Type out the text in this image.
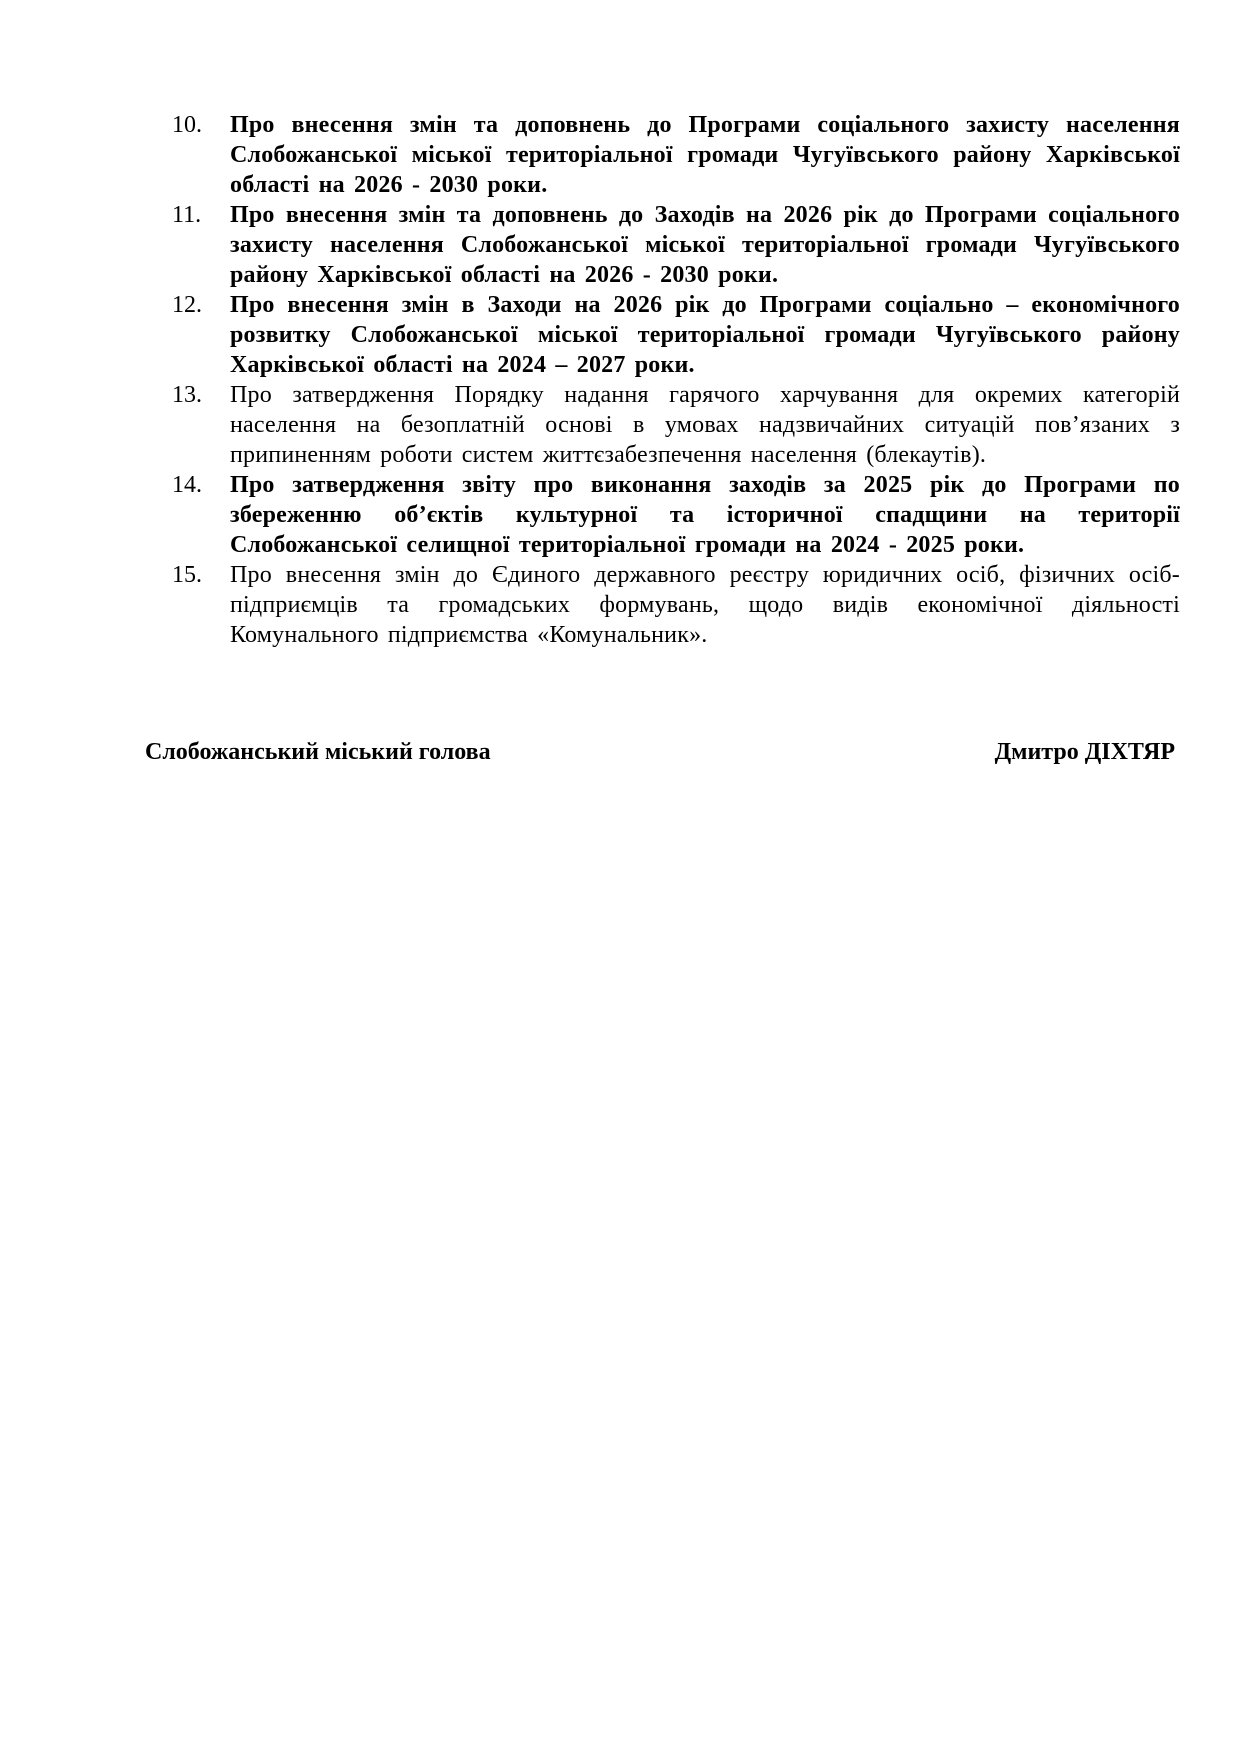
10. Про внесення змін та доповнень до Програми соціального захисту населення Слобожанської міської територіальної громади Чугуївського району Харківської області на 2026 - 2030 роки.
11. Про внесення змін та доповнень до Заходів на 2026 рік до Програми соціального захисту населення Слобожанської міської територіальної громади Чугуївського району Харківської області на 2026 - 2030 роки.
12. Про внесення змін в Заходи на 2026 рік до Програми соціально – економічного розвитку Слобожанської міської територіальної громади Чугуївського району Харківської області на 2024 – 2027 роки.
13. Про затвердження Порядку надання гарячого харчування для окремих категорій населення на безоплатній основі в умовах надзвичайних ситуацій пов’язаних з припиненням роботи систем життєзабезпечення населення (блекаутів).
14. Про затвердження звіту про виконання заходів за 2025 рік до Програми по збереженню об’єктів культурної та історичної спадщини на території Слобожанської селищної територіальної громади на 2024 - 2025 роки.
15. Про внесення змін до Єдиного державного реєстру юридичних осіб, фізичних осіб-підприємців та громадських формувань, щодо видів економічної діяльності Комунального підприємства «Комунальник».
Слобожанський міський голова	Дмитро ДІХТЯР
